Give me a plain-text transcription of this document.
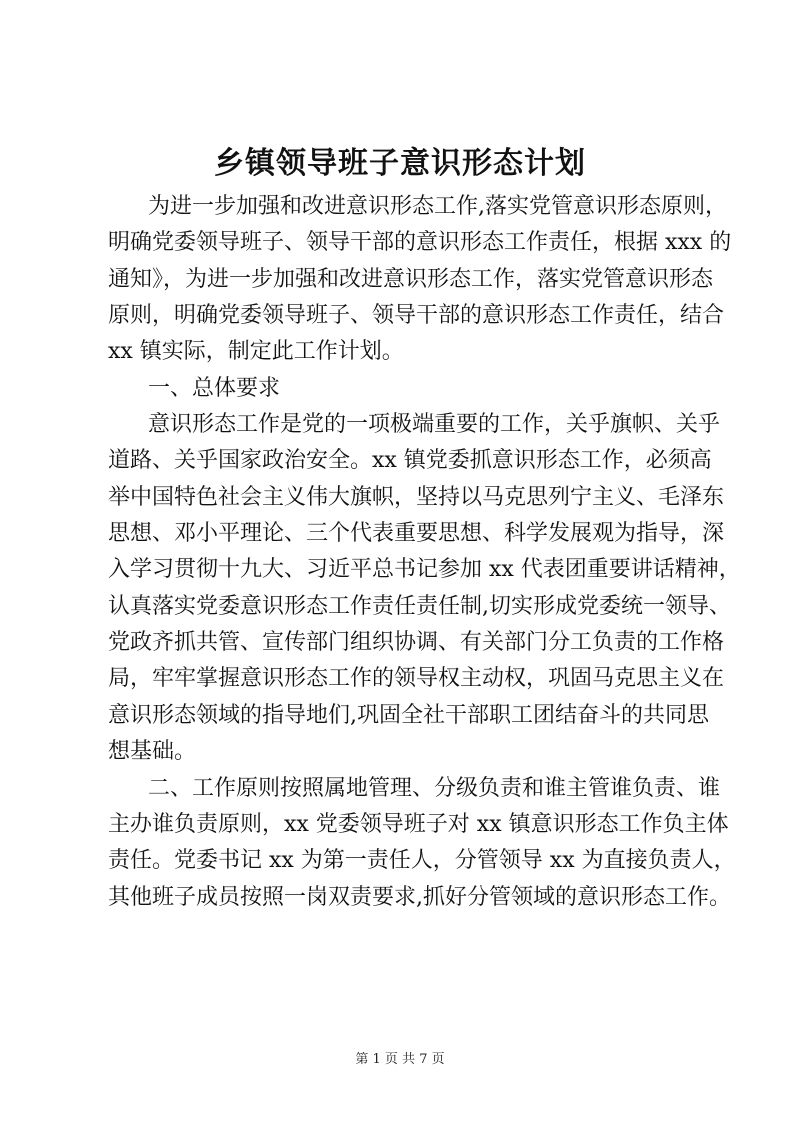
乡镇领导班子意识形态计划
为进一步加强和改进意识形态工作,落实党管意识形态原则，
明确党委领导班子、领导干部的意识形态工作责任，根据 xxx 的
通知》，为进一步加强和改进意识形态工作，落实党管意识形态
原则，明确党委领导班子、领导干部的意识形态工作责任，结合
xx 镇实际，制定此工作计划。
一、总体要求
意识形态工作是党的一项极端重要的工作，关乎旗帜、关乎
道路、关乎国家政治安全。xx 镇党委抓意识形态工作，必须高
举中国特色社会主义伟大旗帜，坚持以马克思列宁主义、毛泽东
思想、邓小平理论、三个代表重要思想、科学发展观为指导，深
入学习贯彻十九大、习近平总书记参加 xx 代表团重要讲话精神，
认真落实党委意识形态工作责任责任制,切实形成党委统一领导、
党政齐抓共管、宣传部门组织协调、有关部门分工负责的工作格
局，牢牢掌握意识形态工作的领导权主动权，巩固马克思主义在
意识形态领域的指导地们,巩固全社干部职工团结奋斗的共同思
想基础。
二、工作原则按照属地管理、分级负责和谁主管谁负责、谁
主办谁负责原则，xx 党委领导班子对 xx 镇意识形态工作负主体
责任。党委书记 xx 为第一责任人，分管领导 xx 为直接负责人，
其他班子成员按照一岗双责要求,抓好分管领域的意识形态工作。
第 1 页 共 7 页
